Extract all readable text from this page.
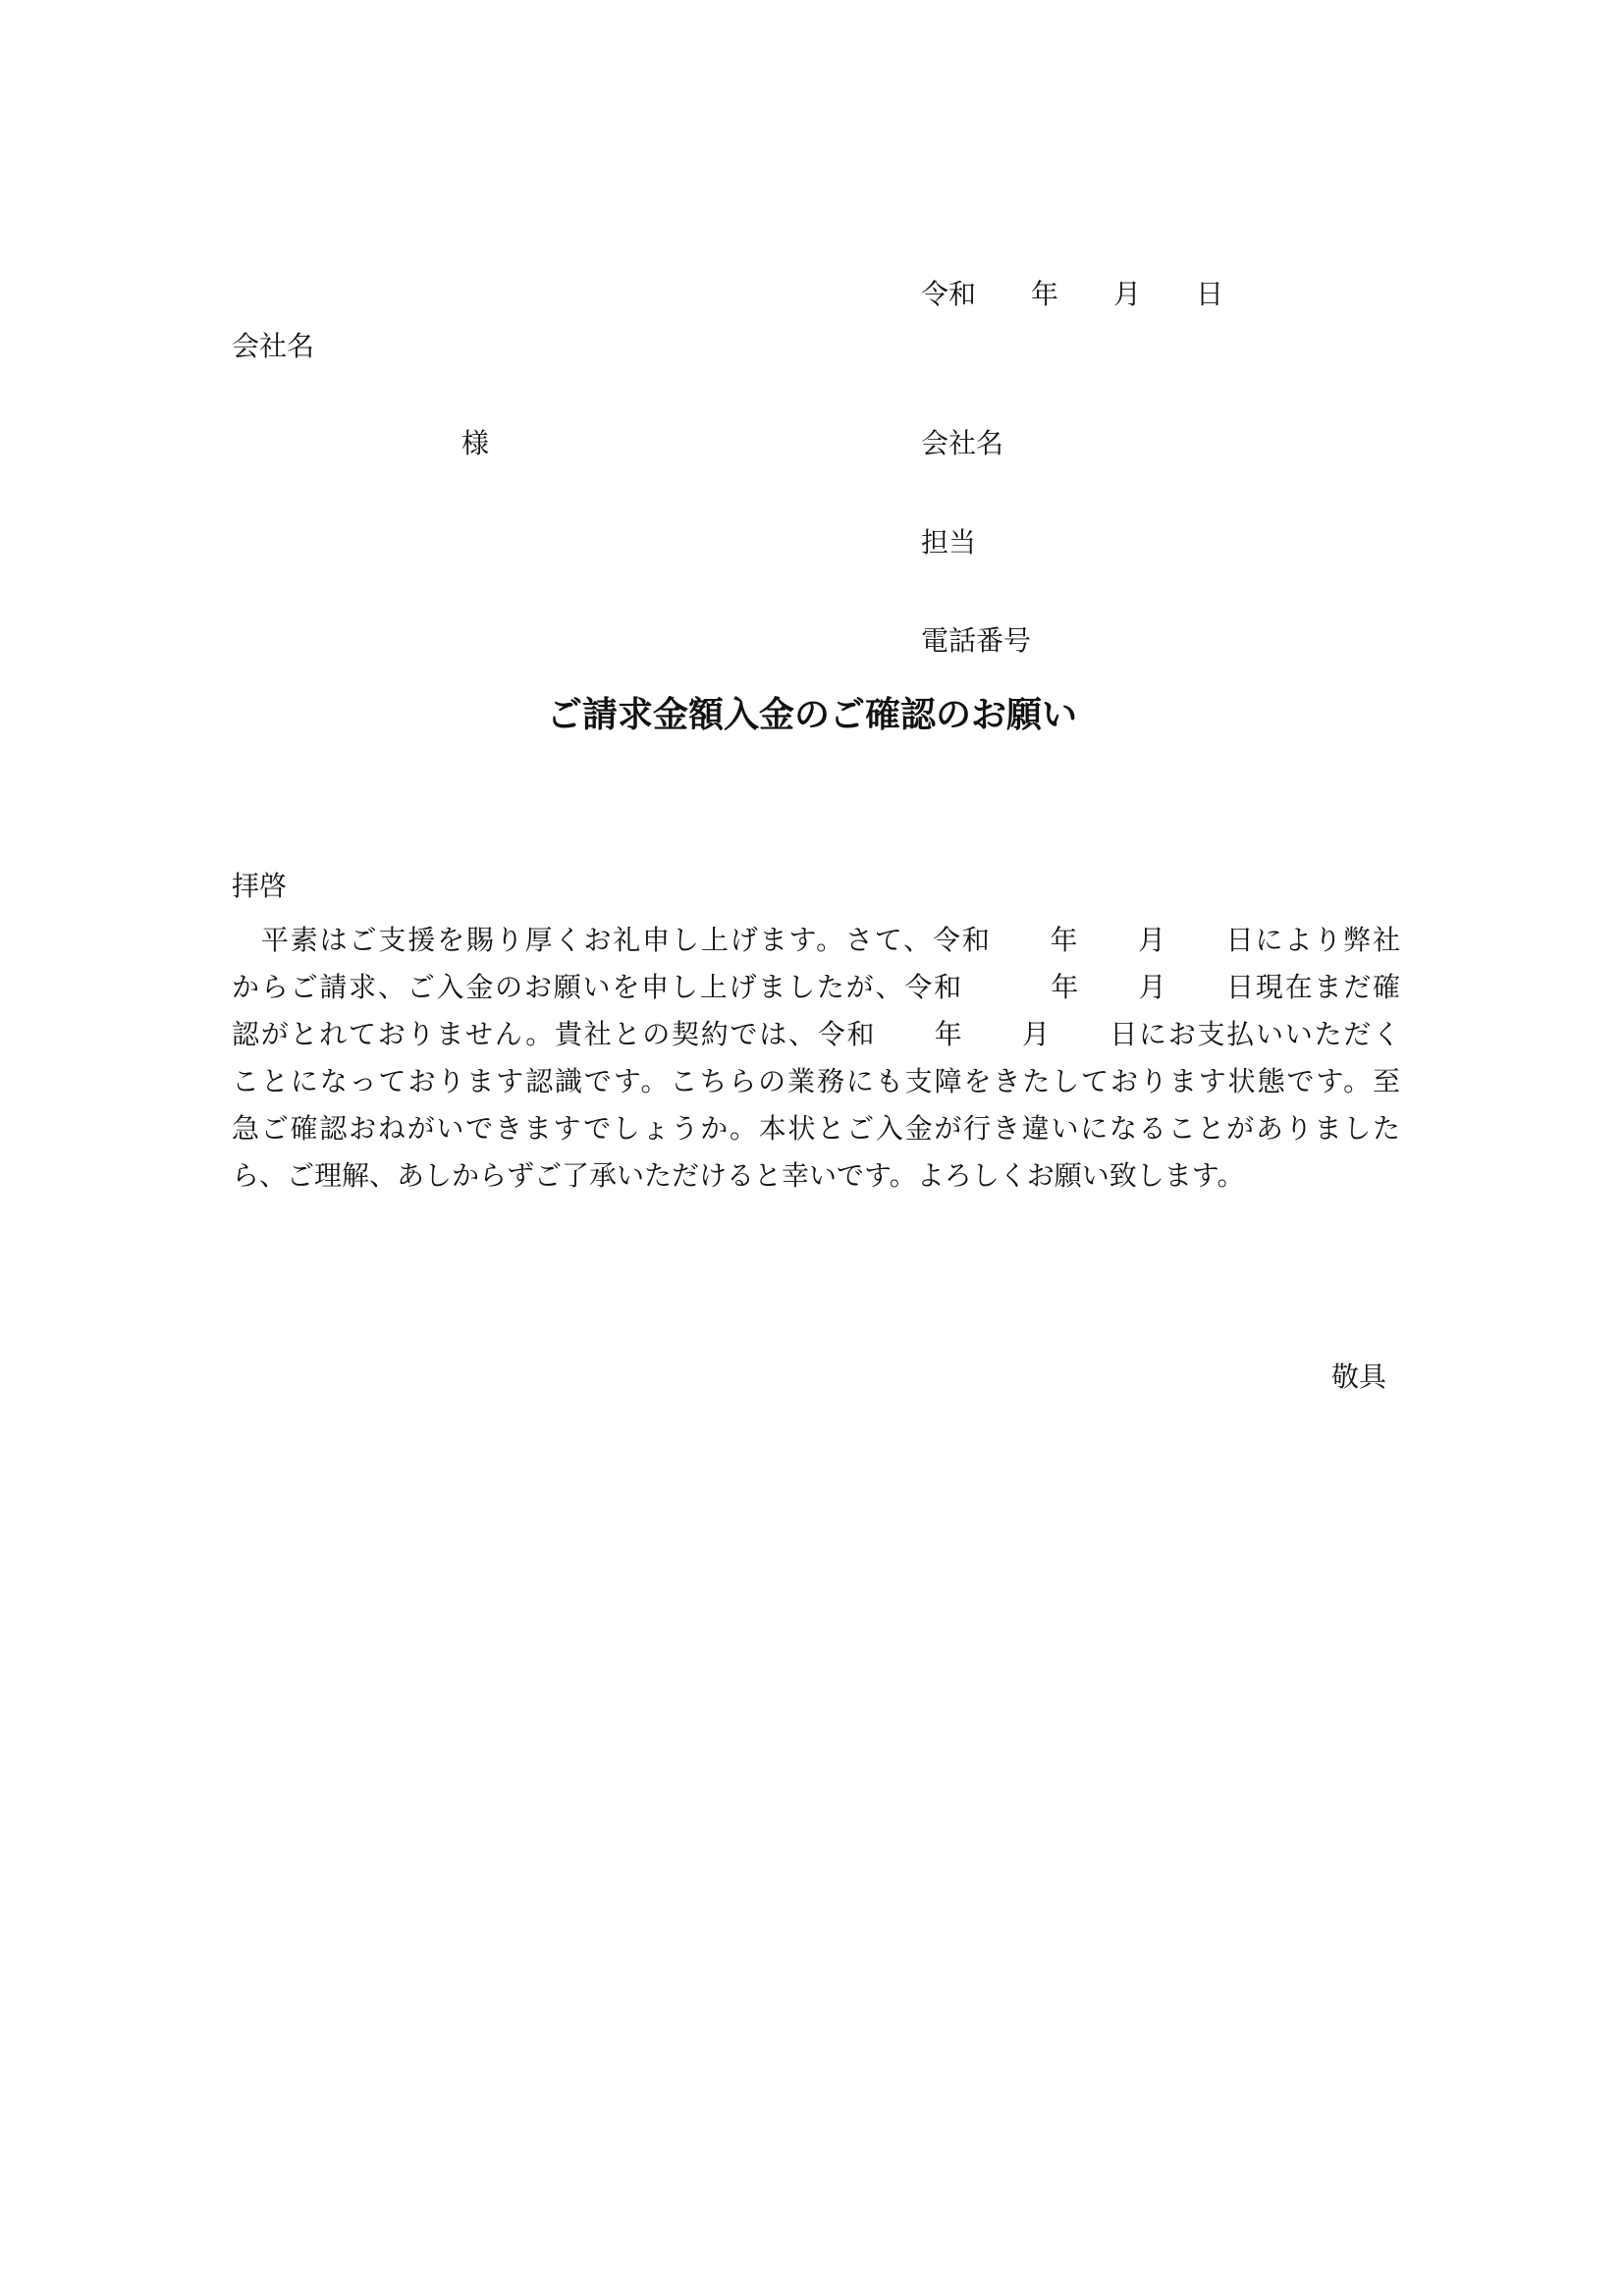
令和　　年　　月　　日
会社名
様	会社名
担当
電話番号
ご請求金額入金のご確認のお願い
拝啓
　平素はご支援を賜り厚くお礼申し上げます。さて、令和　　年　　月　　日により弊社
からご請求、ご入金のお願いを申し上げましたが、令和　　　年　　月　　日現在まだ確
認がとれておりません。貴社との契約では、令和　　年　　月　　日にお支払いいただく
ことになっております認識です。こちらの業務にも支障をきたしております状態です。至
急ご確認おねがいできますでしょうか。本状とご入金が行き違いになることがありました
ら、ご理解、あしからずご了承いただけると幸いです。よろしくお願い致します。
敬具
